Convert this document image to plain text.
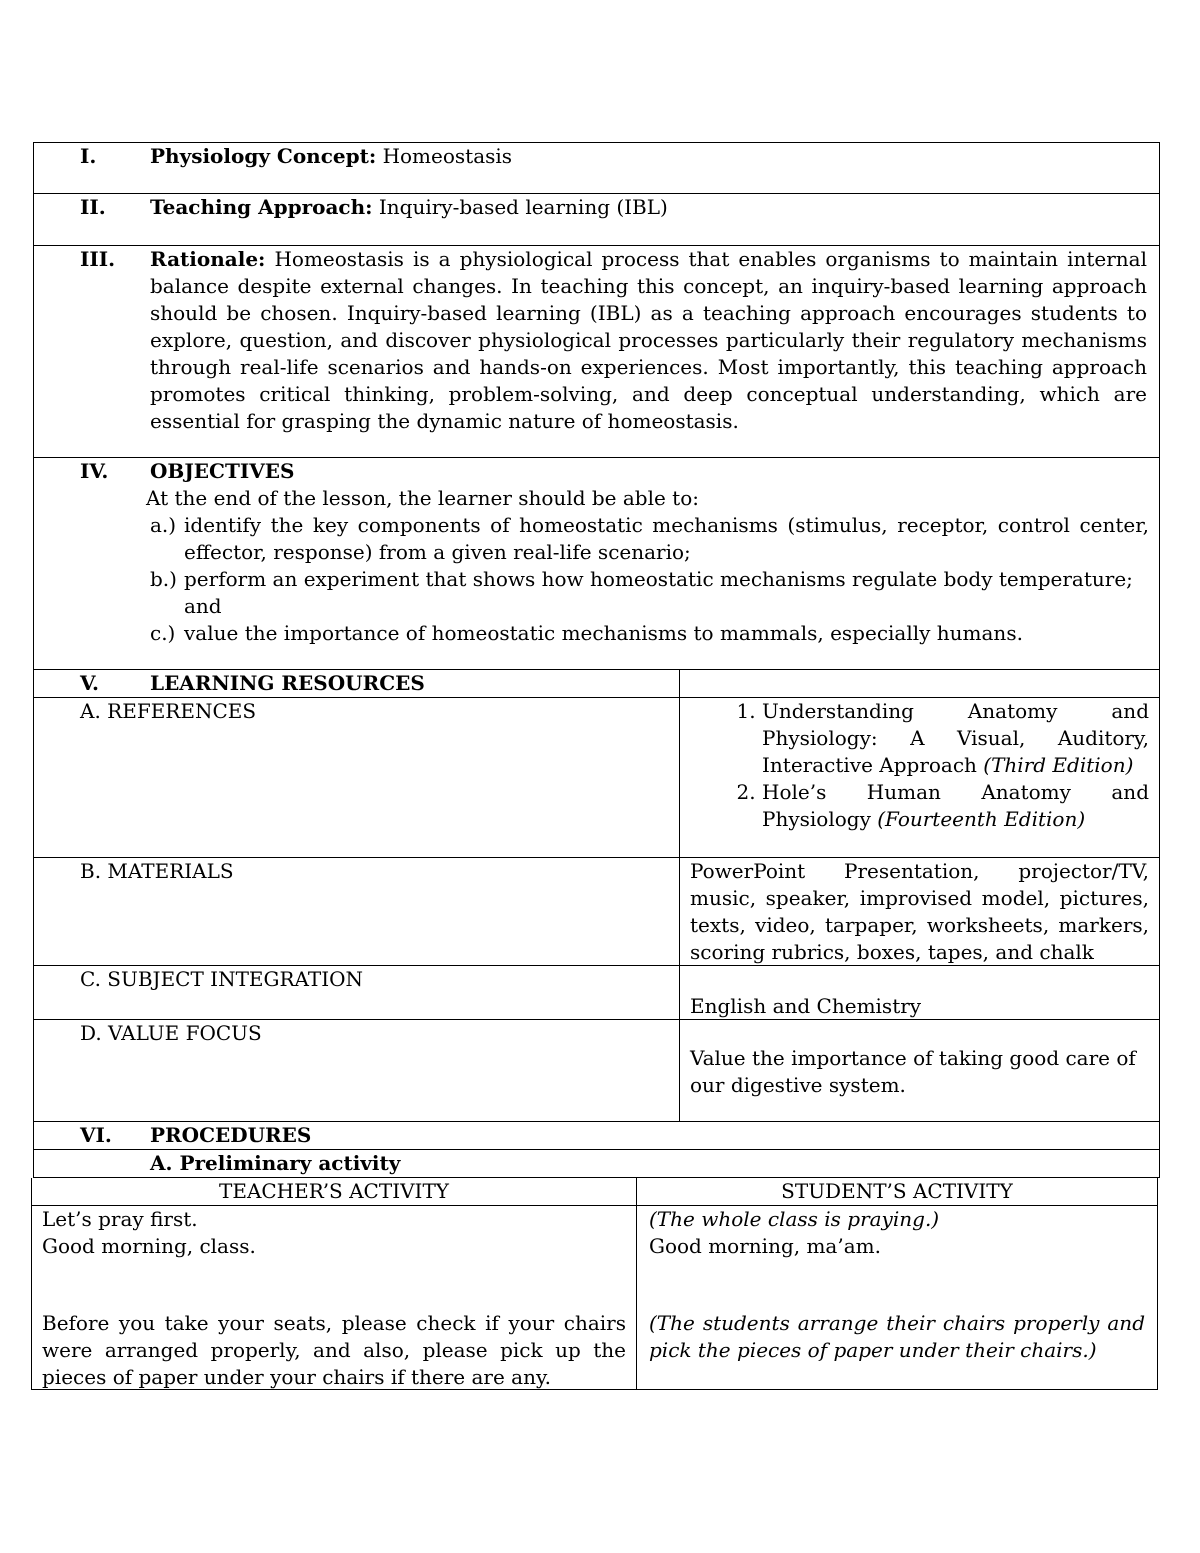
I.	Physiology Concept: Homeostasis
II. Teaching Approach: Inquiry-based learning (IBL)
III. Rationale: Homeostasis is a physiological process that enables organisms to maintain internal balance despite external changes. In teaching this concept, an inquiry-based learning approach should be chosen. Inquiry-based learning (IBL) as a teaching approach encourages students to explore, question, and discover physiological processes particularly their regulatory mechanisms through real-life scenarios and hands-on experiences. Most importantly, this teaching approach promotes critical thinking, problem-solving, and deep conceptual understanding, which are essential for grasping the dynamic nature of homeostasis.
IV. OBJECTIVES
At the end of the lesson, the learner should be able to:
a.) identify the key components of homeostatic mechanisms (stimulus, receptor, control center, effector, response) from a given real-life scenario;
b.) perform an experiment that shows how homeostatic mechanisms regulate body temperature; and
c.) value the importance of homeostatic mechanisms to mammals, especially humans.
V.	LEARNING RESOURCES
A. REFERENCES
1.	Understanding Anatomy and Physiology: A Visual, Auditory, Interactive Approach (Third Edition)
2. Hole’s Human Anatomy and Physiology (Fourteenth Edition)
B. MATERIALS	PowerPoint Presentation, projector/TV, music, speaker, improvised model, pictures, texts, video, tarpaper, worksheets, markers, scoring rubrics, boxes, tapes, and chalk
C. SUBJECT INTEGRATION
English and Chemistry
D. VALUE FOCUS
Value the importance of taking good care of our digestive system.
VI. PROCEDURES
A. Preliminary activity
TEACHER’S ACTIVITY	STUDENT’S ACTIVITY

Let’s pray first.

Good morning, class.

Before you take your seats, please check if your chairs were arranged properly, and also, please pick up the pieces of paper under your chairs if there are any.

(The whole class is praying.)

Good morning, ma’am.

(The students arrange their chairs properly and pick the pieces of paper under their chairs.)
